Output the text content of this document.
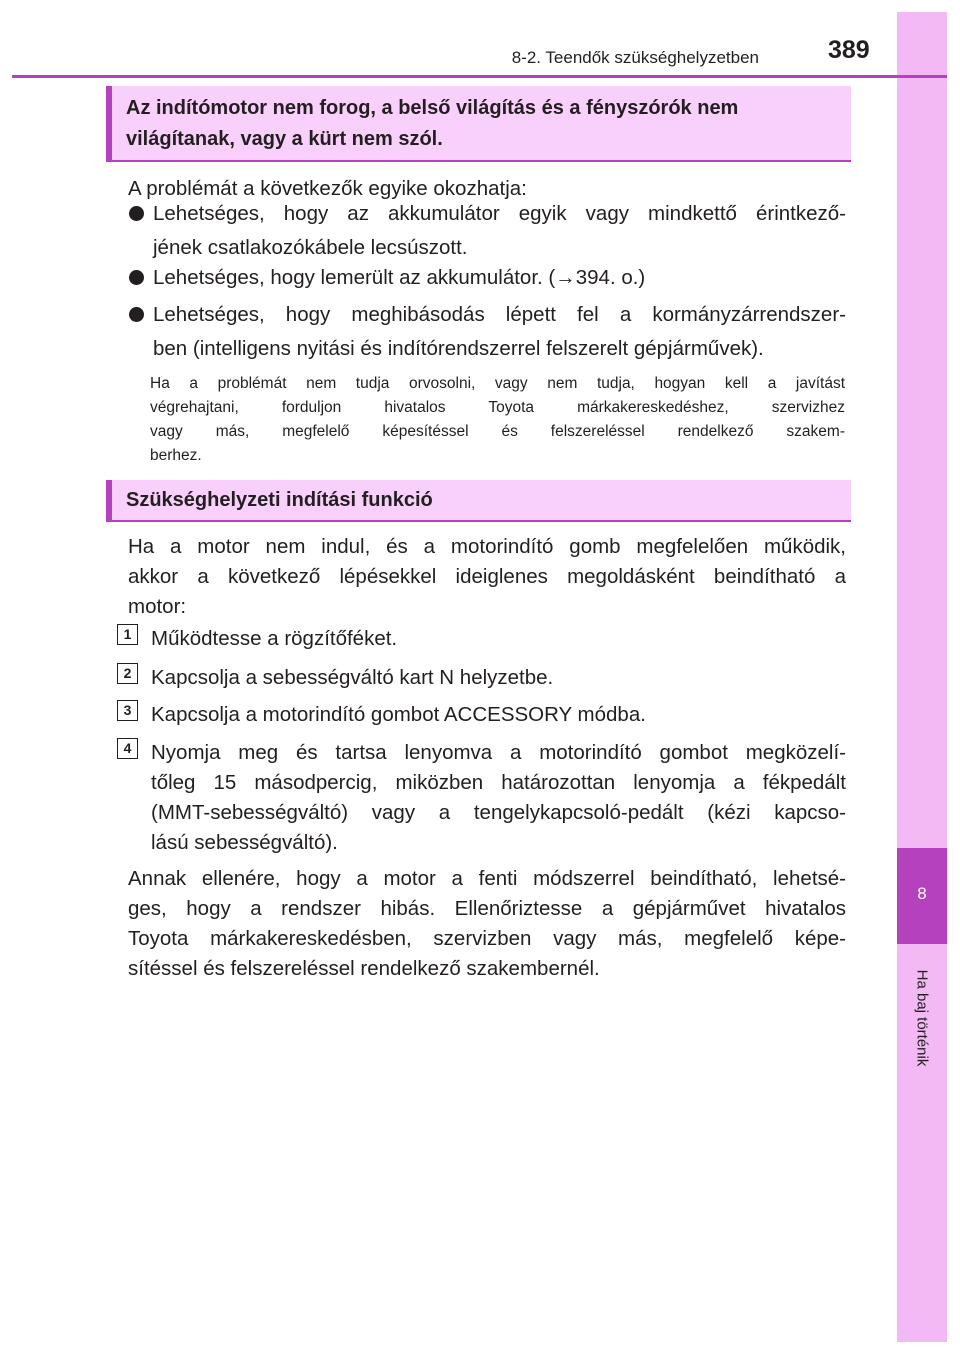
8
Ha baj történik
8-2. Teendők szükséghelyzetben	389
Az indítómotor nem forog, a belső világítás és a fényszórók nem
világítanak, vagy a kürt nem szól.
A problémát a következők egyike okozhatja:
Lehetséges, hogy az akkumulátor egyik vagy mindkettő érintkező-
jének csatlakozókábele lecsúszott.
Lehetséges, hogy lemerült az akkumulátor. (→394. o.)
Lehetséges, hogy meghibásodás lépett fel a kormányzárrendszer-
ben (intelligens nyitási és indítórendszerrel felszerelt gépjárművek).
Ha a problémát nem tudja orvosolni, vagy nem tudja, hogyan kell a javítást
végrehajtani, forduljon hivatalos Toyota márkakereskedéshez, szervizhez
vagy más, megfelelő képesítéssel és felszereléssel rendelkező szakem-
berhez.
Szükséghelyzeti indítási funkció
Ha a motor nem indul, és a motorindító gomb megfelelően működik,
akkor a következő lépésekkel ideiglenes megoldásként beindítható a
motor:
1 Működtesse a rögzítőféket.
2 Kapcsolja a sebességváltó kart N helyzetbe.
3 Kapcsolja a motorindító gombot ACCESSORY módba.
4 Nyomja meg és tartsa lenyomva a motorindító gombot megközelí-
tőleg 15 másodpercig, miközben határozottan lenyomja a fékpedált
(MMT-sebességváltó) vagy a tengelykapcsoló-pedált (kézi kapcso-
lású sebességváltó).
Annak ellenére, hogy a motor a fenti módszerrel beindítható, lehetsé-
ges, hogy a rendszer hibás. Ellenőriztesse a gépjárművet hivatalos
Toyota márkakereskedésben, szervizben vagy más, megfelelő képe-
sítéssel és felszereléssel rendelkező szakembernél.
